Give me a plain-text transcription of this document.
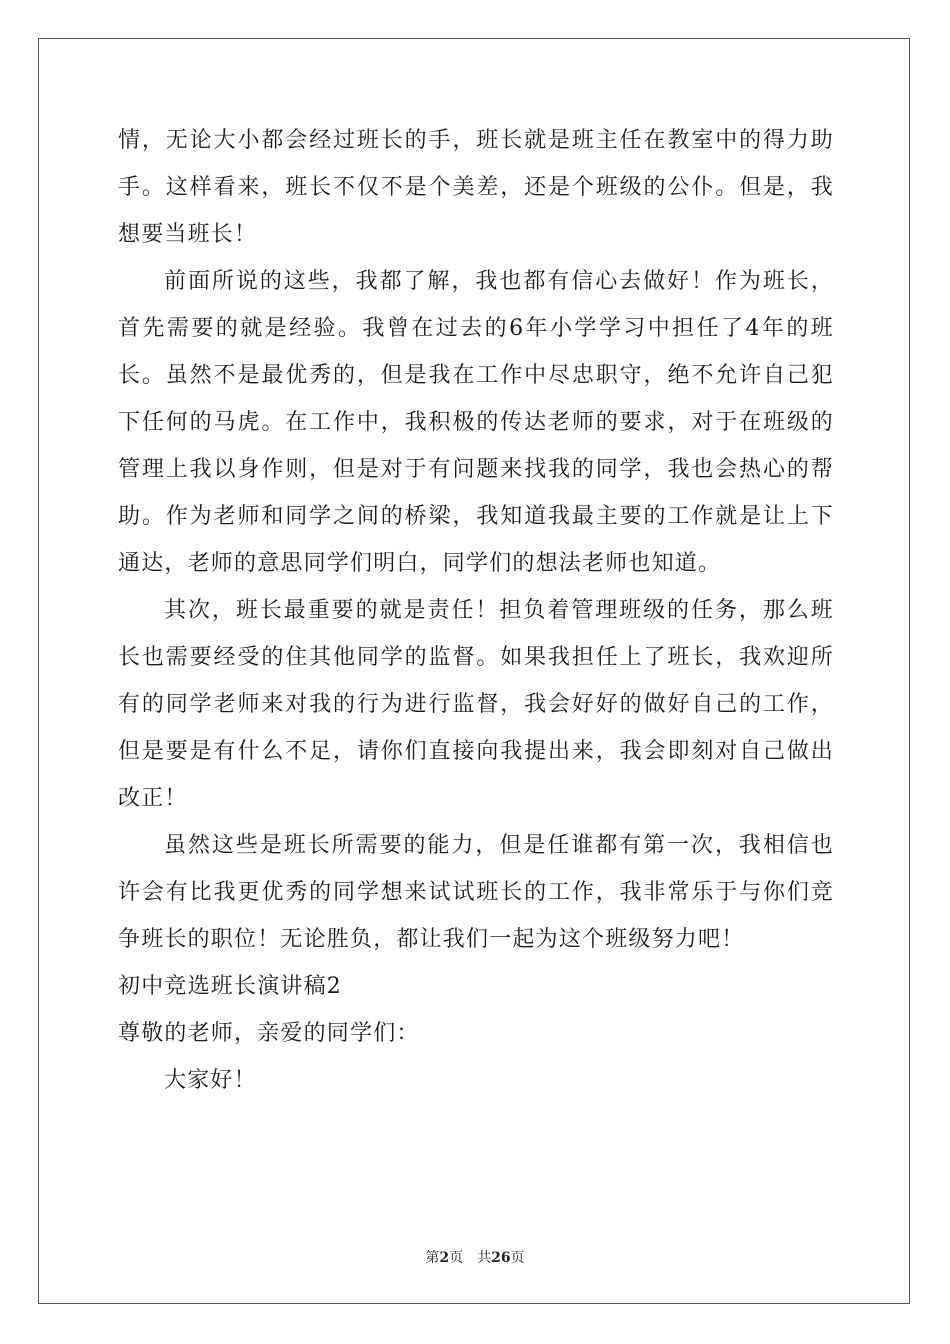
情，无论大小都会经过班长的手，班长就是班主任在教室中的得力助
手。这样看来，班长不仅不是个美差，还是个班级的公仆。但是，我
想要当班长！
前面所说的这些，我都了解，我也都有信心去做好！作为班长，
首先需要的就是经验。我曾在过去的6年小学学习中担任了4年的班
长。虽然不是最优秀的，但是我在工作中尽忠职守，绝不允许自己犯
下任何的马虎。在工作中，我积极的传达老师的要求，对于在班级的
管理上我以身作则，但是对于有问题来找我的同学，我也会热心的帮
助。作为老师和同学之间的桥梁，我知道我最主要的工作就是让上下
通达，老师的意思同学们明白，同学们的想法老师也知道。
其次，班长最重要的就是责任！担负着管理班级的任务，那么班
长也需要经受的住其他同学的监督。如果我担任上了班长，我欢迎所
有的同学老师来对我的行为进行监督，我会好好的做好自己的工作，
但是要是有什么不足，请你们直接向我提出来，我会即刻对自己做出
改正！
虽然这些是班长所需要的能力，但是任谁都有第一次，我相信也
许会有比我更优秀的同学想来试试班长的工作，我非常乐于与你们竞
争班长的职位！无论胜负，都让我们一起为这个班级努力吧！
初中竞选班长演讲稿2
尊敬的老师，亲爱的同学们：
大家好！
第2页　共26页
